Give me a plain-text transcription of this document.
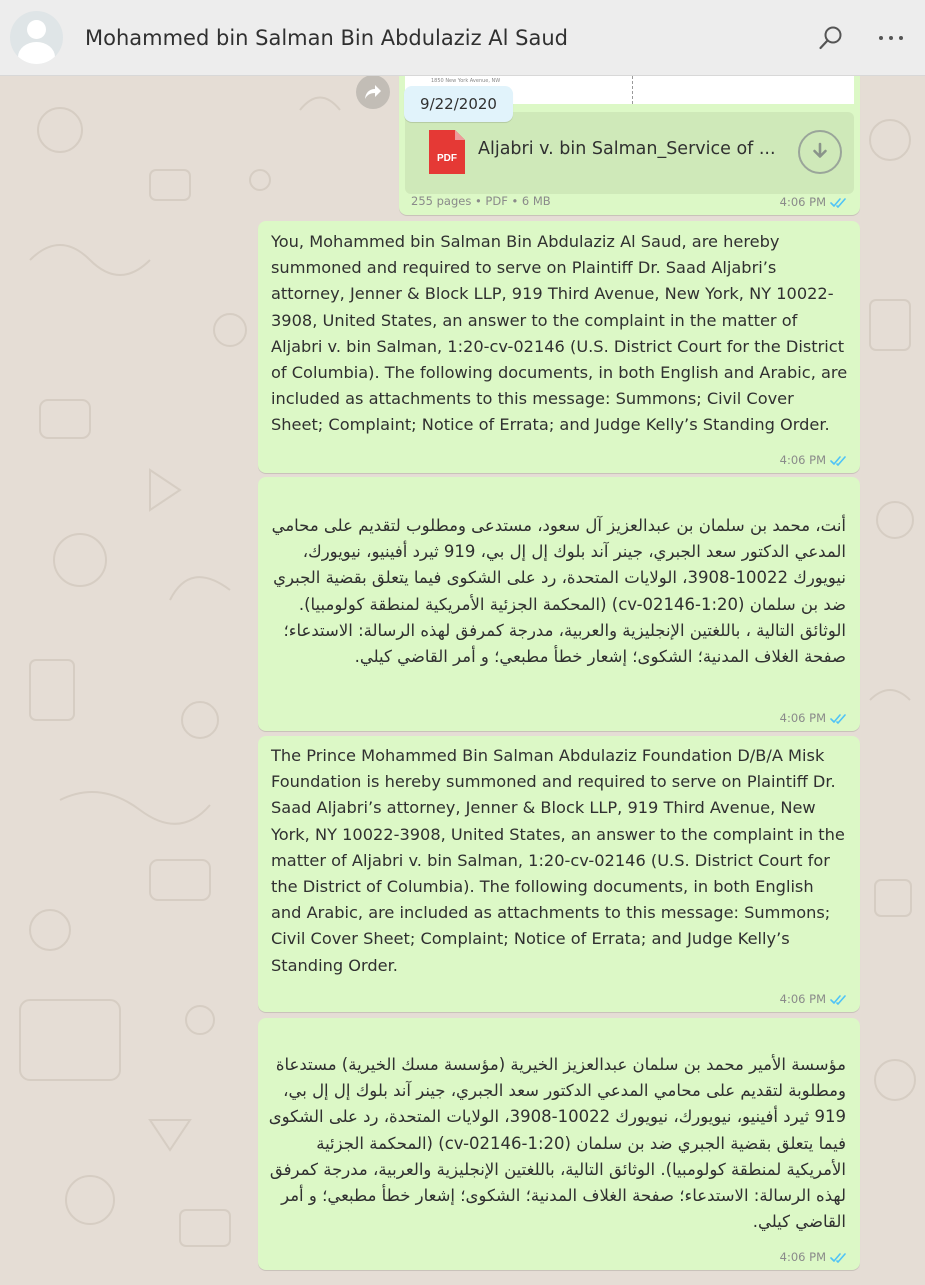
Mohammed bin Salman Bin Abdulaziz Al Saud
1850 New York Avenue, NW
PDF Aljabri v. bin Salman_Service of ...
9/22/2020
255 pages • PDF • 6 MB	4:06 PM
You, Mohammed bin Salman Bin Abdulaziz Al Saud, are hereby summoned and required to serve on Plaintiff Dr. Saad Aljabri’s attorney, Jenner & Block LLP, 919 Third Avenue, New York, NY 10022-3908, United States, an answer to the complaint in the matter of Aljabri v. bin Salman, 1:20-cv-02146 (U.S. District Court for the District of Columbia). The following documents, in both English and Arabic, are included as attachments to this message: Summons; Civil Cover Sheet; Complaint; Notice of Errata; and Judge Kelly’s Standing Order.
4:06 PM
أنت، محمد بن سلمان بن عبدالعزيز آل سعود، مستدعى ومطلوب لتقديم على محامي المدعي الدكتور سعد الجبري، جينر آند بلوك إل إل بي، 919 ثيرد أفينيو، نيويورك، نيويورك 10022-3908، الولايات المتحدة، رد على الشكوى فيما يتعلق بقضية الجبري ضد بن سلمان (cv-02146-1:20) (المحكمة الجزئية الأمريكية لمنطقة كولومبيا). الوثائق التالية ، باللغتين الإنجليزية والعربية، مدرجة كمرفق لهذه الرسالة: الاستدعاء؛ صفحة الغلاف المدنية؛ الشكوى؛ إشعار خطأ مطبعي؛ و أمر القاضي كيلي.
4:06 PM
The Prince Mohammed Bin Salman Abdulaziz Foundation D/B/A Misk Foundation is hereby summoned and required to serve on Plaintiff Dr. Saad Aljabri’s attorney, Jenner & Block LLP, 919 Third Avenue, New York, NY 10022-3908, United States, an answer to the complaint in the matter of Aljabri v. bin Salman, 1:20-cv-02146 (U.S. District Court for the District of Columbia). The following documents, in both English and Arabic, are included as attachments to this message: Summons; Civil Cover Sheet; Complaint; Notice of Errata; and Judge Kelly’s Standing Order.
4:06 PM
مؤسسة الأمير محمد بن سلمان عبدالعزيز الخيرية (مؤسسة مسك الخيرية) مستدعاة ومطلوبة لتقديم على محامي المدعي الدكتور سعد الجبري، جينر آند بلوك إل إل بي، 919 ثيرد أفينيو، نيويورك، نيويورك 10022-3908، الولايات المتحدة، رد على الشكوى فيما يتعلق بقضية الجبري ضد بن سلمان (cv-02146-1:20) (المحكمة الجزئية الأمريكية لمنطقة كولومبيا). الوثائق التالية، باللغتين الإنجليزية والعربية، مدرجة كمرفق لهذه الرسالة: الاستدعاء؛ صفحة الغلاف المدنية؛ الشكوى؛ إشعار خطأ مطبعي؛ و أمر القاضي كيلي.
4:06 PM
